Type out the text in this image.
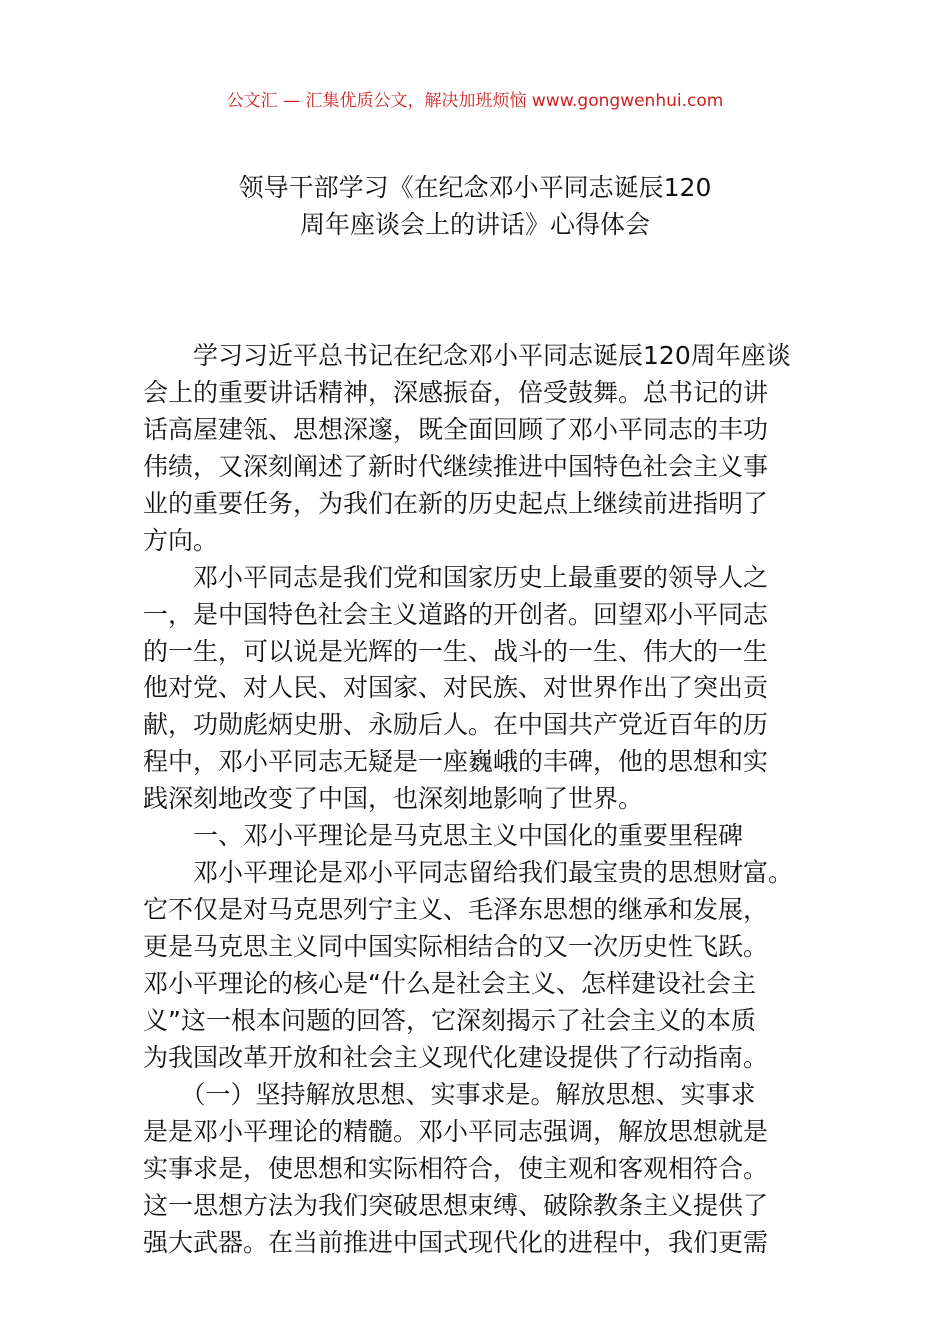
公文汇 — 汇集优质公文，解决加班烦恼 www.gongwenhui.com
领导干部学习《在纪念邓小平同志诞辰120
周年座谈会上的讲话》心得体会
　　学习习近平总书记在纪念邓小平同志诞辰120周年座谈
会上的重要讲话精神，深感振奋，倍受鼓舞。总书记的讲
话高屋建瓴、思想深邃，既全面回顾了邓小平同志的丰功
伟绩，又深刻阐述了新时代继续推进中国特色社会主义事
业的重要任务，为我们在新的历史起点上继续前进指明了
方向。
　　邓小平同志是我们党和国家历史上最重要的领导人之
一，是中国特色社会主义道路的开创者。回望邓小平同志
的一生，可以说是光辉的一生、战斗的一生、伟大的一生
他对党、对人民、对国家、对民族、对世界作出了突出贡
献，功勋彪炳史册、永励后人。在中国共产党近百年的历
程中，邓小平同志无疑是一座巍峨的丰碑，他的思想和实
践深刻地改变了中国，也深刻地影响了世界。
　　一、邓小平理论是马克思主义中国化的重要里程碑
　　邓小平理论是邓小平同志留给我们最宝贵的思想财富。
它不仅是对马克思列宁主义、毛泽东思想的继承和发展，
更是马克思主义同中国实际相结合的又一次历史性飞跃。
邓小平理论的核心是“什么是社会主义、怎样建设社会主
义”这一根本问题的回答，它深刻揭示了社会主义的本质
为我国改革开放和社会主义现代化建设提供了行动指南。
　　（一）坚持解放思想、实事求是。解放思想、实事求
是是邓小平理论的精髓。邓小平同志强调，解放思想就是
实事求是，使思想和实际相符合，使主观和客观相符合。
这一思想方法为我们突破思想束缚、破除教条主义提供了
强大武器。在当前推进中国式现代化的进程中，我们更需
